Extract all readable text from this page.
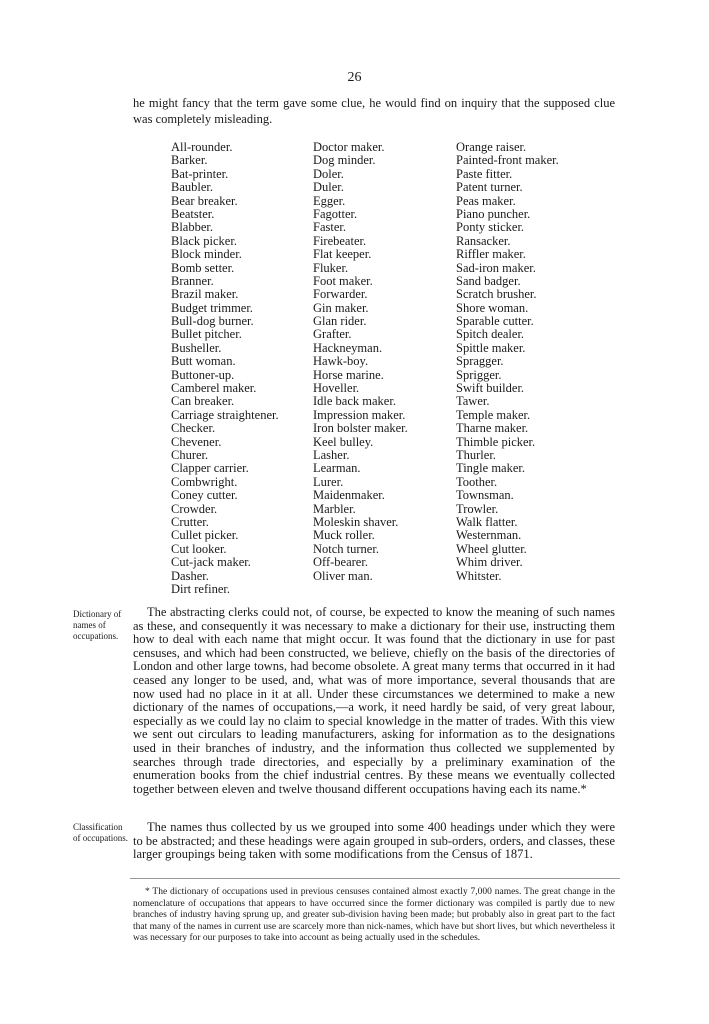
26
he might fancy that the term gave some clue, he would find on inquiry that the supposed clue was completely misleading.
All-rounder.
Barker.
Bat-printer.
Baubler.
Bear breaker.
Beatster.
Blabber.
Black picker.
Block minder.
Bomb setter.
Branner.
Brazil maker.
Budget trimmer.
Bull-dog burner.
Bullet pitcher.
Busheller.
Butt woman.
Buttoner-up.
Camberel maker.
Can breaker.
Carriage straightener.
Checker.
Chevener.
Churer.
Clapper carrier.
Combwright.
Coney cutter.
Crowder.
Crutter.
Cullet picker.
Cut looker.
Cut-jack maker.
Dasher.
Dirt refiner.
Doctor maker.
Dog minder.
Doler.
Duler.
Egger.
Fagotter.
Faster.
Firebeater.
Flat keeper.
Fluker.
Foot maker.
Forwarder.
Gin maker.
Glan rider.
Grafter.
Hackneyman.
Hawk-boy.
Horse marine.
Hoveller.
Idle back maker.
Impression maker.
Iron bolster maker.
Keel bulley.
Lasher.
Learman.
Lurer.
Maidenmaker.
Marbler.
Moleskin shaver.
Muck roller.
Notch turner.
Off-bearer.
Oliver man.
Orange raiser.
Painted-front maker.
Paste fitter.
Patent turner.
Peas maker.
Piano puncher.
Ponty sticker.
Ransacker.
Riffler maker.
Sad-iron maker.
Sand badger.
Scratch brusher.
Shore woman.
Sparable cutter.
Spitch dealer.
Spittle maker.
Spragger.
Sprigger.
Swift builder.
Tawer.
Temple maker.
Tharne maker.
Thimble picker.
Thurler.
Tingle maker.
Toother.
Townsman.
Trowler.
Walk flatter.
Westernman.
Wheel glutter.
Whim driver.
Whitster.
Dictionary of names of occupations.
The abstracting clerks could not, of course, be expected to know the meaning of such names as these, and consequently it was necessary to make a dictionary for their use, instructing them how to deal with each name that might occur. It was found that the dictionary in use for past censuses, and which had been constructed, we believe, chiefly on the basis of the directories of London and other large towns, had become obsolete. A great many terms that occurred in it had ceased any longer to be used, and, what was of more importance, several thousands that are now used had no place in it at all. Under these circumstances we determined to make a new dictionary of the names of occupations,—a work, it need hardly be said, of very great labour, especially as we could lay no claim to special knowledge in the matter of trades. With this view we sent out circulars to leading manufacturers, asking for information as to the designations used in their branches of industry, and the information thus collected we supplemented by searches through trade directories, and especially by a preliminary examination of the enumeration books from the chief industrial centres. By these means we eventually collected together between eleven and twelve thousand different occupations having each its name.*
Classification of occupations.
The names thus collected by us we grouped into some 400 headings under which they were to be abstracted; and these headings were again grouped in sub-orders, orders, and classes, these larger groupings being taken with some modifications from the Census of 1871.
* The dictionary of occupations used in previous censuses contained almost exactly 7,000 names. The great change in the nomenclature of occupations that appears to have occurred since the former dictionary was compiled is partly due to new branches of industry having sprung up, and greater sub-division having been made; but probably also in great part to the fact that many of the names in current use are scarcely more than nick-names, which have but short lives, but which nevertheless it was necessary for our purposes to take into account as being actually used in the schedules.
